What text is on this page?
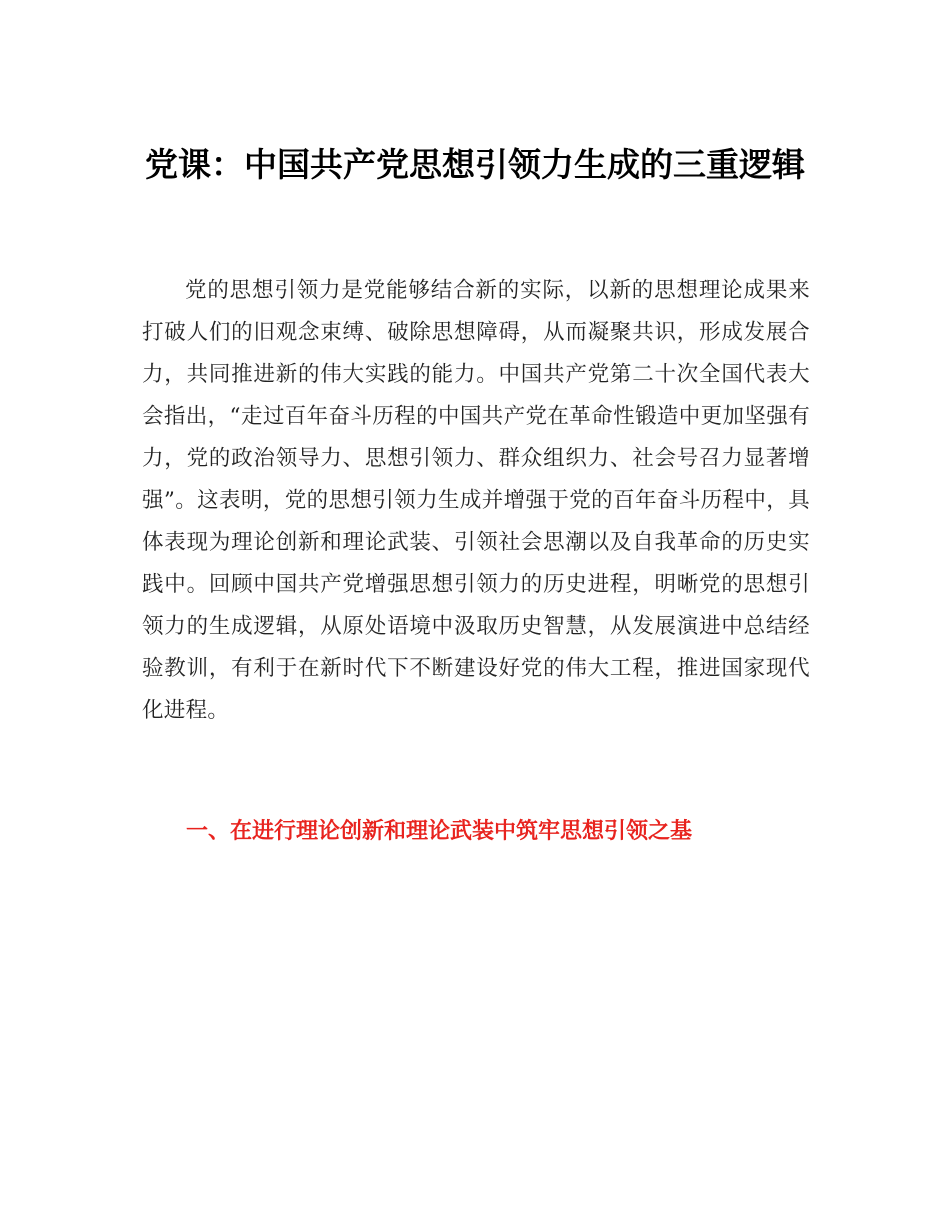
党课：中国共产党思想引领力生成的三重逻辑

党的思想引领力是党能够结合新的实际，以新的思想理论成果来打破人们的旧观念束缚、破除思想障碍，从而凝聚共识，形成发展合力，共同推进新的伟大实践的能力。中国共产党第二十次全国代表大会指出，“走过百年奋斗历程的中国共产党在革命性锻造中更加坚强有力，党的政治领导力、思想引领力、群众组织力、社会号召力显著增强”。这表明，党的思想引领力生成并增强于党的百年奋斗历程中，具体表现为理论创新和理论武装、引领社会思潮以及自我革命的历史实践中。回顾中国共产党增强思想引领力的历史进程，明晰党的思想引领力的生成逻辑，从原处语境中汲取历史智慧，从发展演进中总结经验教训，有利于在新时代下不断建设好党的伟大工程，推进国家现代化进程。

一、在进行理论创新和理论武装中筑牢思想引领之基
